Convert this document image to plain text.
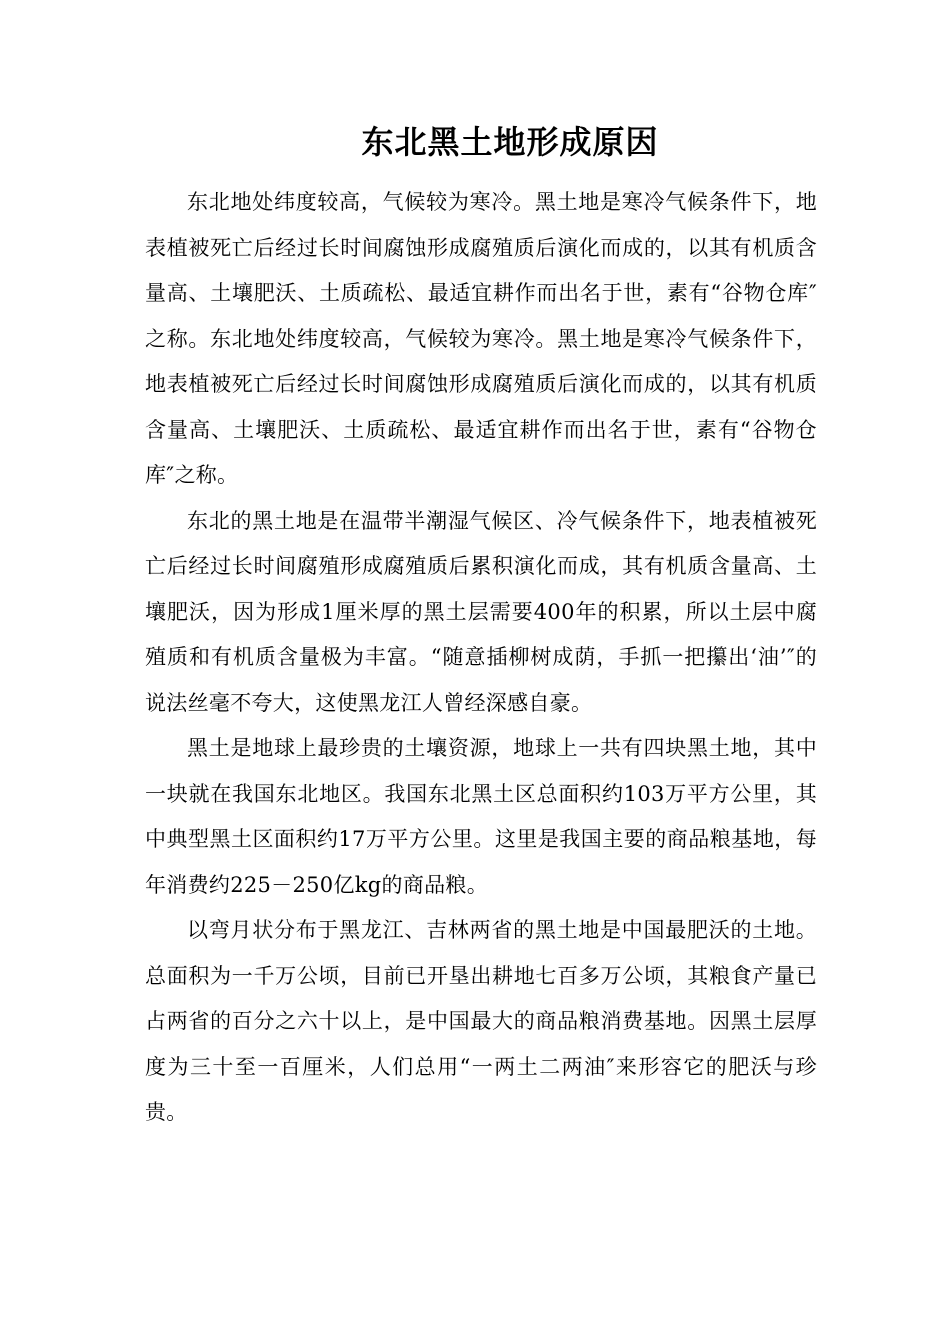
东北黑土地形成原因

东北地处纬度较高，气候较为寒冷。黑土地是寒冷气候条件下，地表植被死亡后经过长时间腐蚀形成腐殖质后演化而成的，以其有机质含量高、土壤肥沃、土质疏松、最适宜耕作而出名于世，素有“谷物仓库″之称。东北地处纬度较高，气候较为寒冷。黑土地是寒冷气候条件下，地表植被死亡后经过长时间腐蚀形成腐殖质后演化而成的，以其有机质含量高、土壤肥沃、土质疏松、最适宜耕作而出名于世，素有“谷物仓库″之称。

东北的黑土地是在温带半潮湿气候区、冷气候条件下，地表植被死亡后经过长时间腐殖形成腐殖质后累积演化而成，其有机质含量高、土壤肥沃，因为形成1厘米厚的黑土层需要400年的积累，所以土层中腐殖质和有机质含量极为丰富。“随意插柳树成荫，手抓一把攥出‘油’″的说法丝毫不夸大，这使黑龙江人曾经深感自豪。

黑土是地球上最珍贵的土壤资源，地球上一共有四块黑土地，其中一块就在我国东北地区。我国东北黑土区总面积约103万平方公里，其中典型黑土区面积约17万平方公里。这里是我国主要的商品粮基地，每年消费约225－250亿kg的商品粮。

以弯月状分布于黑龙江、吉林两省的黑土地是中国最肥沃的土地。总面积为一千万公顷，目前已开垦出耕地七百多万公顷，其粮食产量已占两省的百分之六十以上，是中国最大的商品粮消费基地。因黑土层厚度为三十至一百厘米，人们总用“一两土二两油″来形容它的肥沃与珍贵。
